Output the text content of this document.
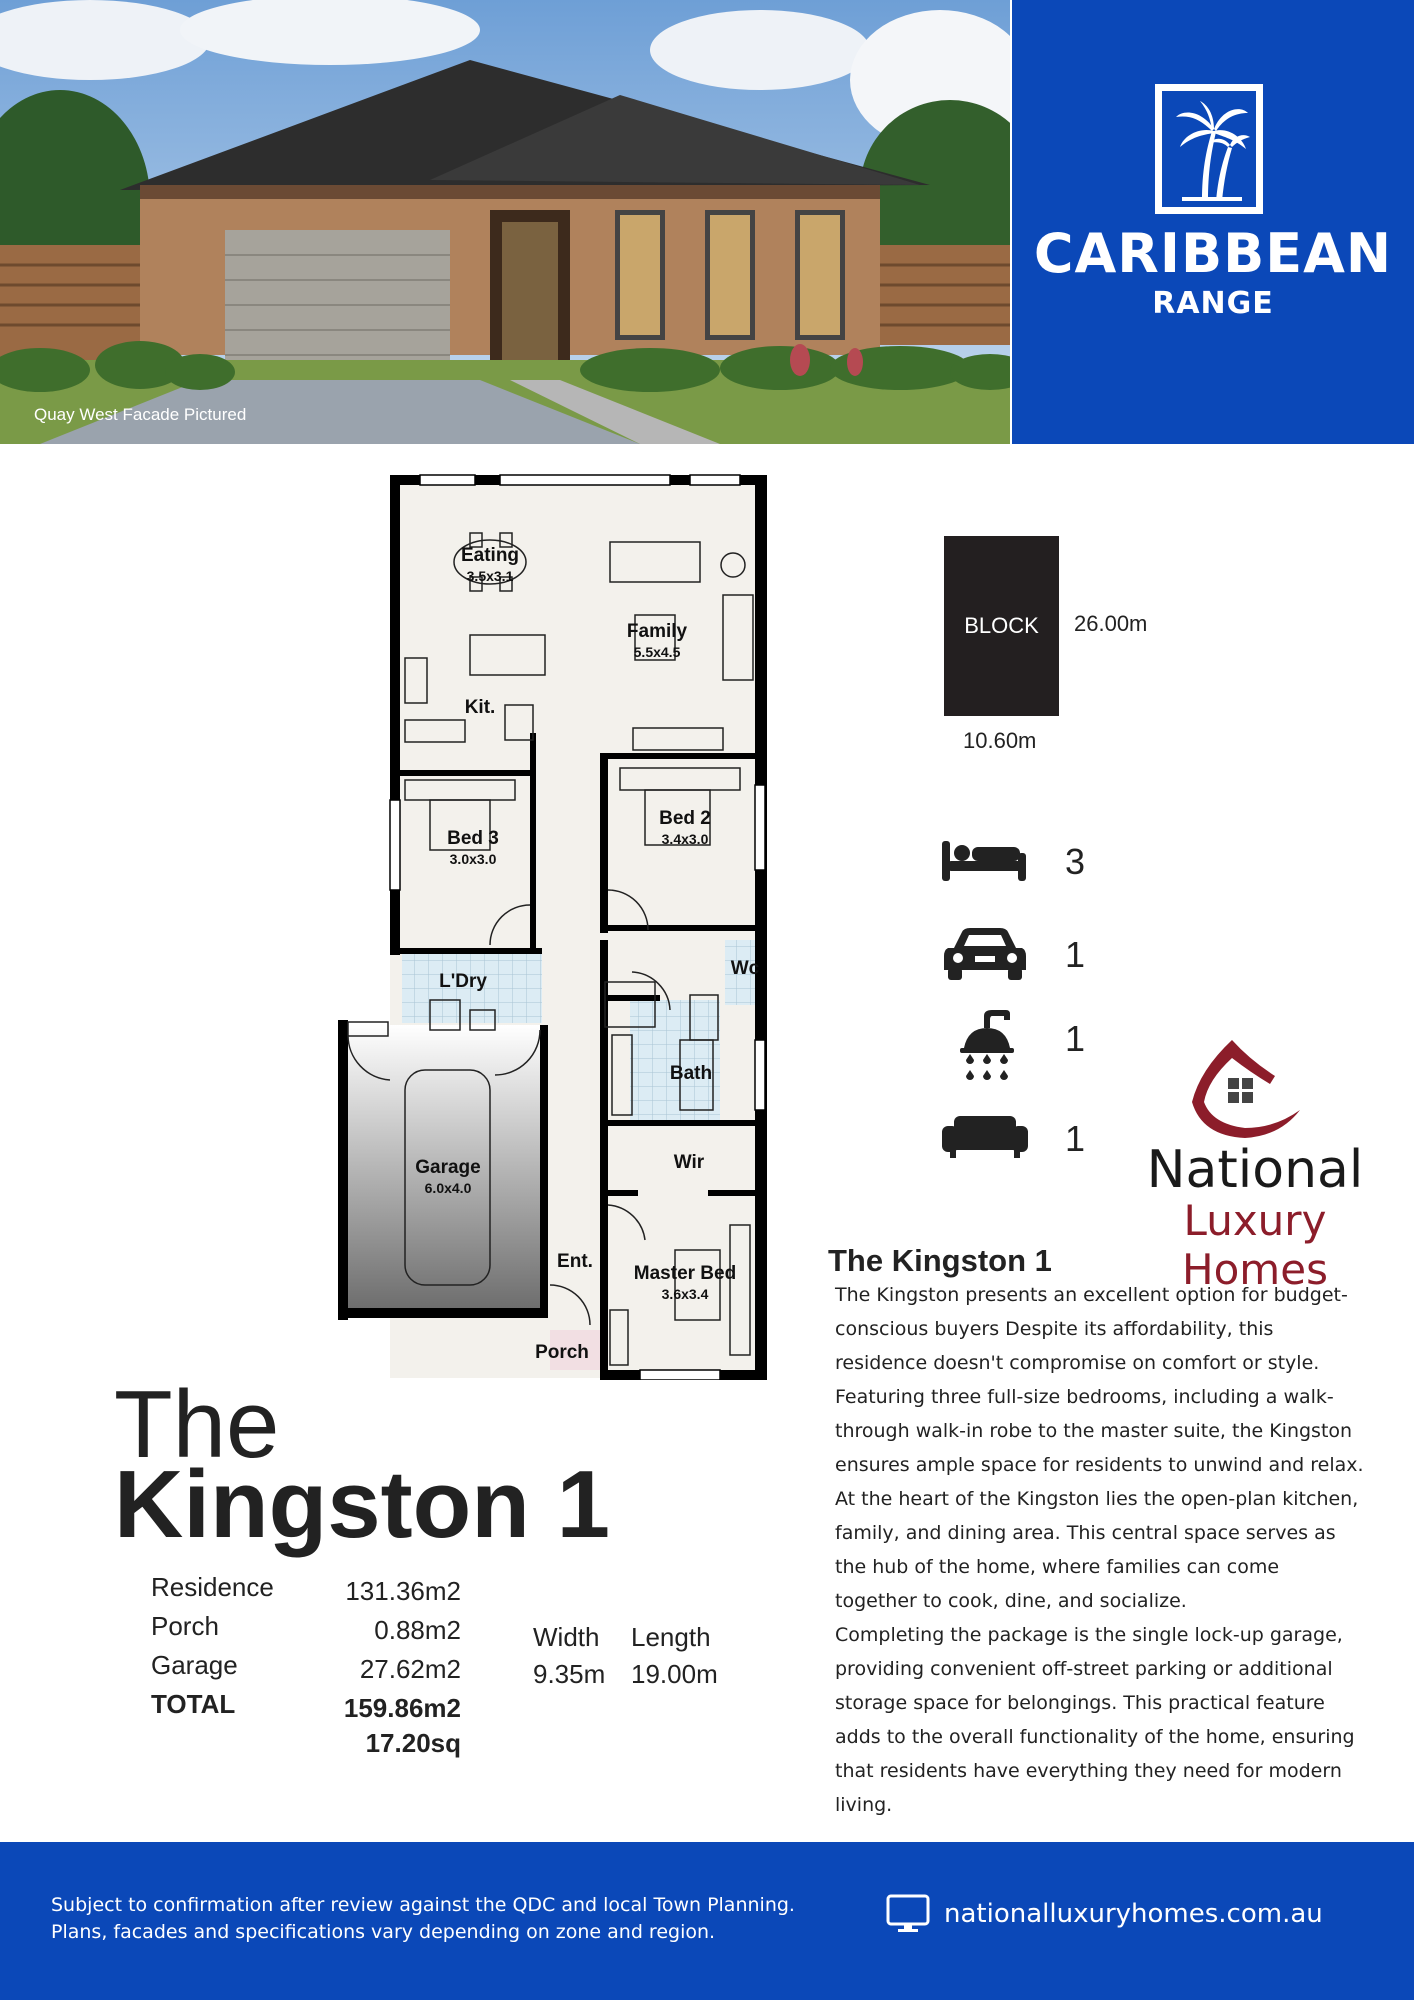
Quay West Facade Pictured
CARIBBEAN
RANGE
Eating
3.5x3.1
Family
5.5x4.5
Kit.
Bed 3
3.0x3.0
Bed 2
3.4x3.0
L'Dry
Wc
Bath
Wir
Garage
6.0x4.0
Ent.
Master Bed
3.6x3.4
Porch
BLOCK 26.00m
10.60m
3
1
1
1
National
Luxury Homes
The
Kingston 1
Residence	131.36m2
Porch	0.88m2
Garage	27.62m2
TOTAL	159.86m2
17.20sq
Width	Length
9.35m 19.00m
The Kingston 1

The Kingston presents an excellent option for budget-conscious buyers Despite its affordability, this residence doesn't compromise on comfort or style. Featuring three full-size bedrooms, including a walk-through walk-in robe to the master suite, the Kingston ensures ample space for residents to unwind and relax.

At the heart of the Kingston lies the open-plan kitchen, family, and dining area. This central space serves as the hub of the home, where families can come together to cook, dine, and socialize.

Completing the package is the single lock-up garage, providing convenient off-street parking or additional storage space for belongings. This practical feature adds to the overall functionality of the home, ensuring that residents have everything they need for modern living.

Subject to confirmation after review against the QDC and local Town Planning.
Plans, facades and specifications vary depending on zone and region.
nationalluxuryhomes.com.au
